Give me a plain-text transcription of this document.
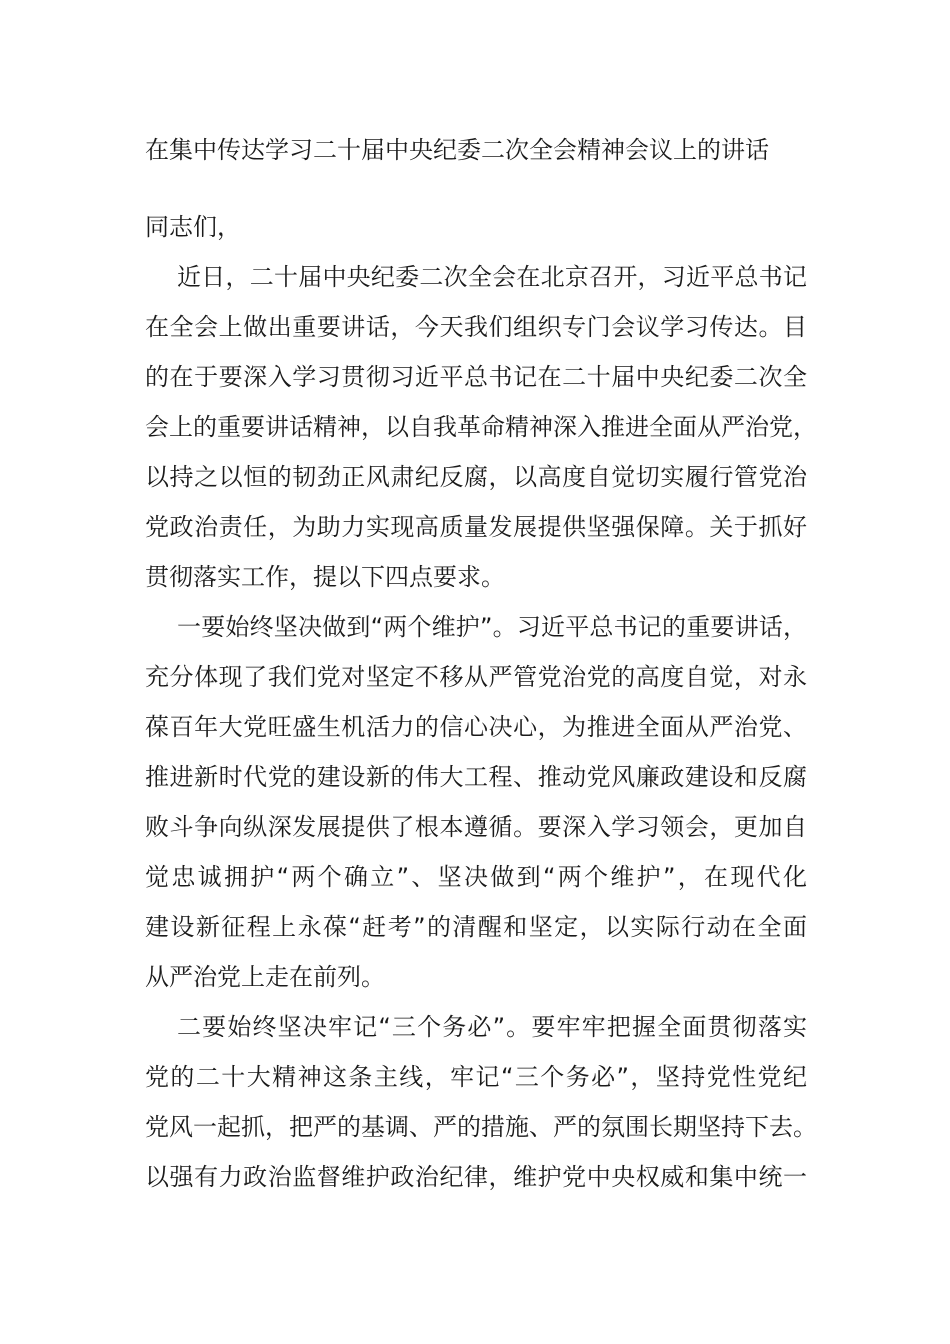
在集中传达学习二十届中央纪委二次全会精神会议上的讲话
同志们，
近日，二十届中央纪委二次全会在北京召开，习近平总书记
在全会上做出重要讲话，今天我们组织专门会议学习传达。目
的在于要深入学习贯彻习近平总书记在二十届中央纪委二次全
会上的重要讲话精神，以自我革命精神深入推进全面从严治党，
以持之以恒的韧劲正风肃纪反腐，以高度自觉切实履行管党治
党政治责任，为助力实现高质量发展提供坚强保障。关于抓好
贯彻落实工作，提以下四点要求。
一要始终坚决做到“两个维护”。习近平总书记的重要讲话，
充分体现了我们党对坚定不移从严管党治党的高度自觉，对永
葆百年大党旺盛生机活力的信心决心，为推进全面从严治党、
推进新时代党的建设新的伟大工程、推动党风廉政建设和反腐
败斗争向纵深发展提供了根本遵循。要深入学习领会，更加自
觉忠诚拥护“两个确立”、坚决做到“两个维护”，在现代化
建设新征程上永葆“赶考”的清醒和坚定，以实际行动在全面
从严治党上走在前列。
二要始终坚决牢记“三个务必”。要牢牢把握全面贯彻落实
党的二十大精神这条主线，牢记“三个务必”，坚持党性党纪
党风一起抓，把严的基调、严的措施、严的氛围长期坚持下去。
以强有力政治监督维护政治纪律，维护党中央权威和集中统一
